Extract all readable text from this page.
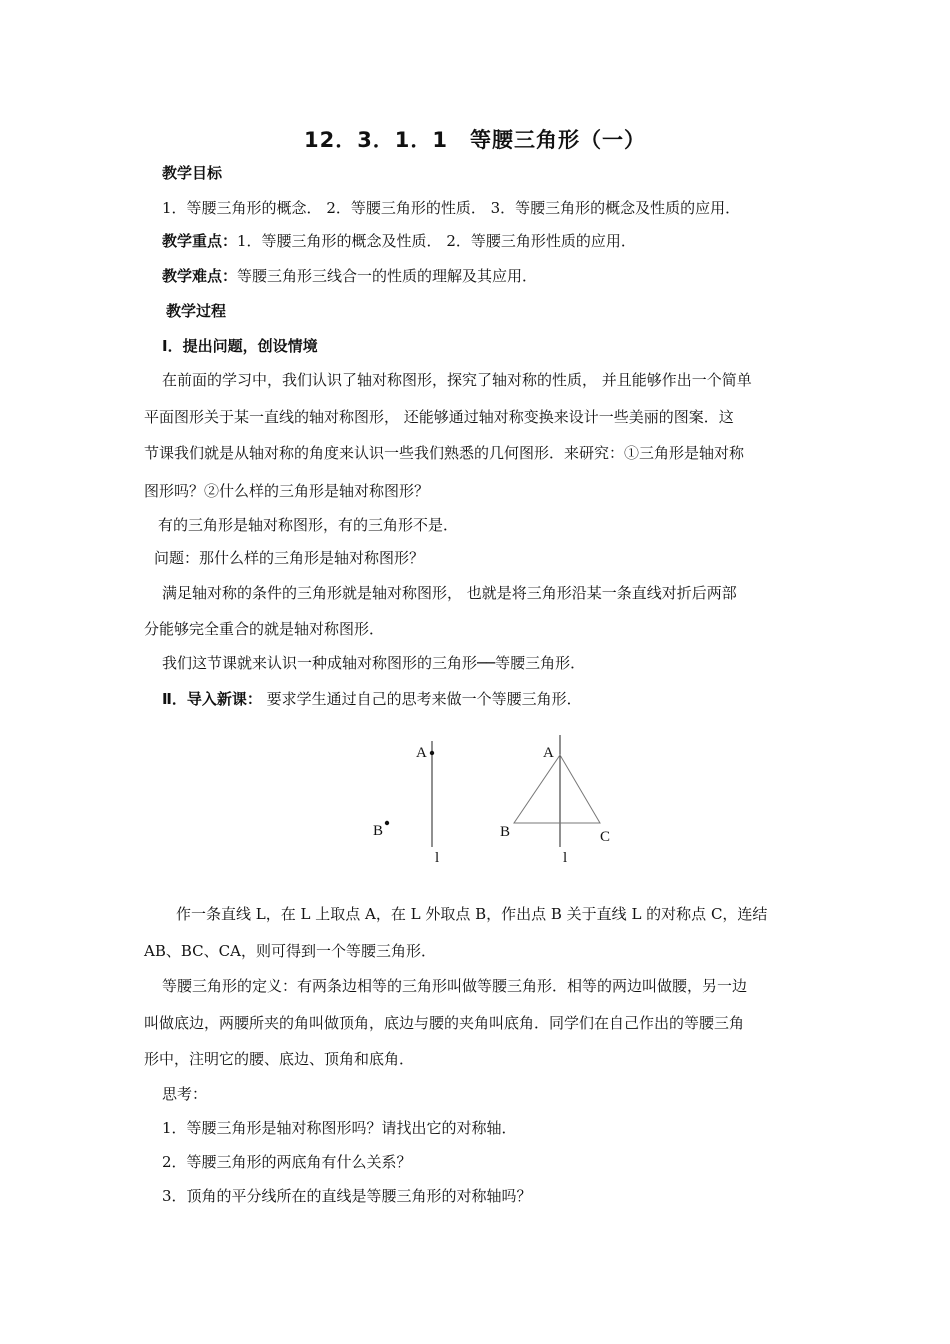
12．3．1．1　等腰三角形（一）
教学目标
1．等腰三角形的概念． 2．等腰三角形的性质． 3．等腰三角形的概念及性质的应用．
教学重点：1．等腰三角形的概念及性质． 2．等腰三角形性质的应用．
教学难点：等腰三角形三线合一的性质的理解及其应用．
教学过程
Ⅰ．提出问题，创设情境
在前面的学习中，我们认识了轴对称图形，探究了轴对称的性质， 并且能够作出一个简单
平面图形关于某一直线的轴对称图形， 还能够通过轴对称变换来设计一些美丽的图案．这
节课我们就是从轴对称的角度来认识一些我们熟悉的几何图形．来研究：①三角形是轴对称
图形吗？②什么样的三角形是轴对称图形？
有的三角形是轴对称图形，有的三角形不是．
问题：那什么样的三角形是轴对称图形？
满足轴对称的条件的三角形就是轴对称图形， 也就是将三角形沿某一条直线对折后两部
分能够完全重合的就是轴对称图形．
我们这节课就来认识一种成轴对称图形的三角形──等腰三角形．
Ⅱ．导入新课： 要求学生通过自己的思考来做一个等腰三角形．
A
B
l
A
B	C
l
作一条直线 L，在 L 上取点 A，在 L 外取点 B，作出点 B 关于直线 L 的对称点 C，连结
AB、BC、CA，则可得到一个等腰三角形．
等腰三角形的定义：有两条边相等的三角形叫做等腰三角形．相等的两边叫做腰，另一边
叫做底边，两腰所夹的角叫做顶角，底边与腰的夹角叫底角．同学们在自己作出的等腰三角
形中，注明它的腰、底边、顶角和底角．
思考：
1．等腰三角形是轴对称图形吗？请找出它的对称轴．
2．等腰三角形的两底角有什么关系？
3．顶角的平分线所在的直线是等腰三角形的对称轴吗？
